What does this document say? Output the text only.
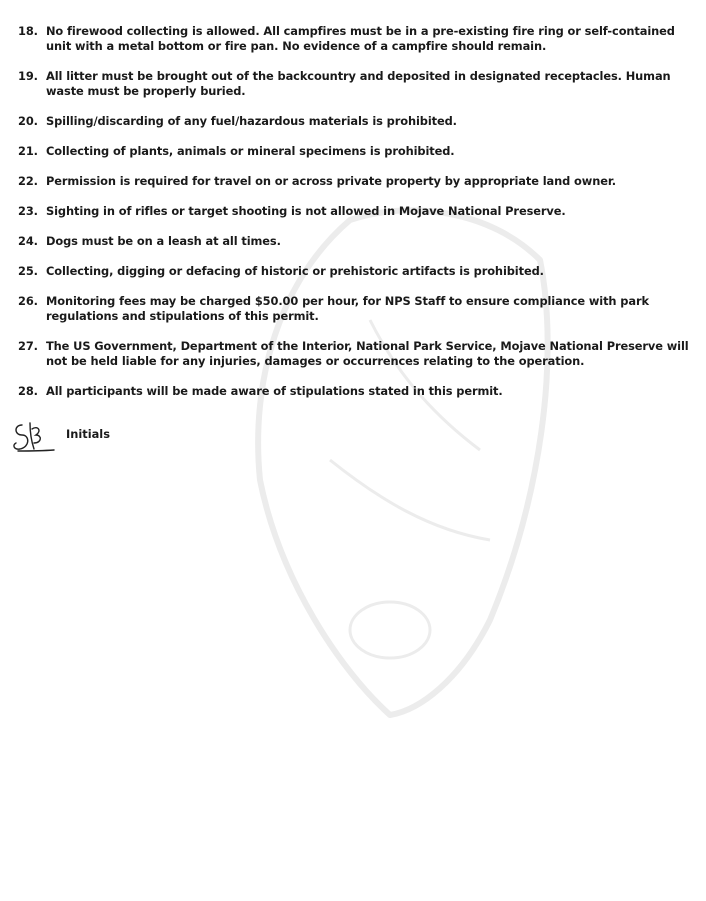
18. No firewood collecting is allowed. All campfires must be in a pre-existing fire ring or self-contained unit with a metal bottom or fire pan. No evidence of a campfire should remain.
19. All litter must be brought out of the backcountry and deposited in designated receptacles. Human waste must be properly buried.
20. Spilling/discarding of any fuel/hazardous materials is prohibited.
21. Collecting of plants, animals or mineral specimens is prohibited.
22. Permission is required for travel on or across private property by appropriate land owner.
23. Sighting in of rifles or target shooting is not allowed in Mojave National Preserve.
24. Dogs must be on a leash at all times.
25. Collecting, digging or defacing of historic or prehistoric artifacts is prohibited.
26. Monitoring fees may be charged $50.00 per hour, for NPS Staff to ensure compliance with park regulations and stipulations of this permit.
27. The US Government, Department of the Interior, National Park Service, Mojave National Preserve will not be held liable for any injuries, damages or occurrences relating to the operation.
28. All participants will be made aware of stipulations stated in this permit.
Initials
